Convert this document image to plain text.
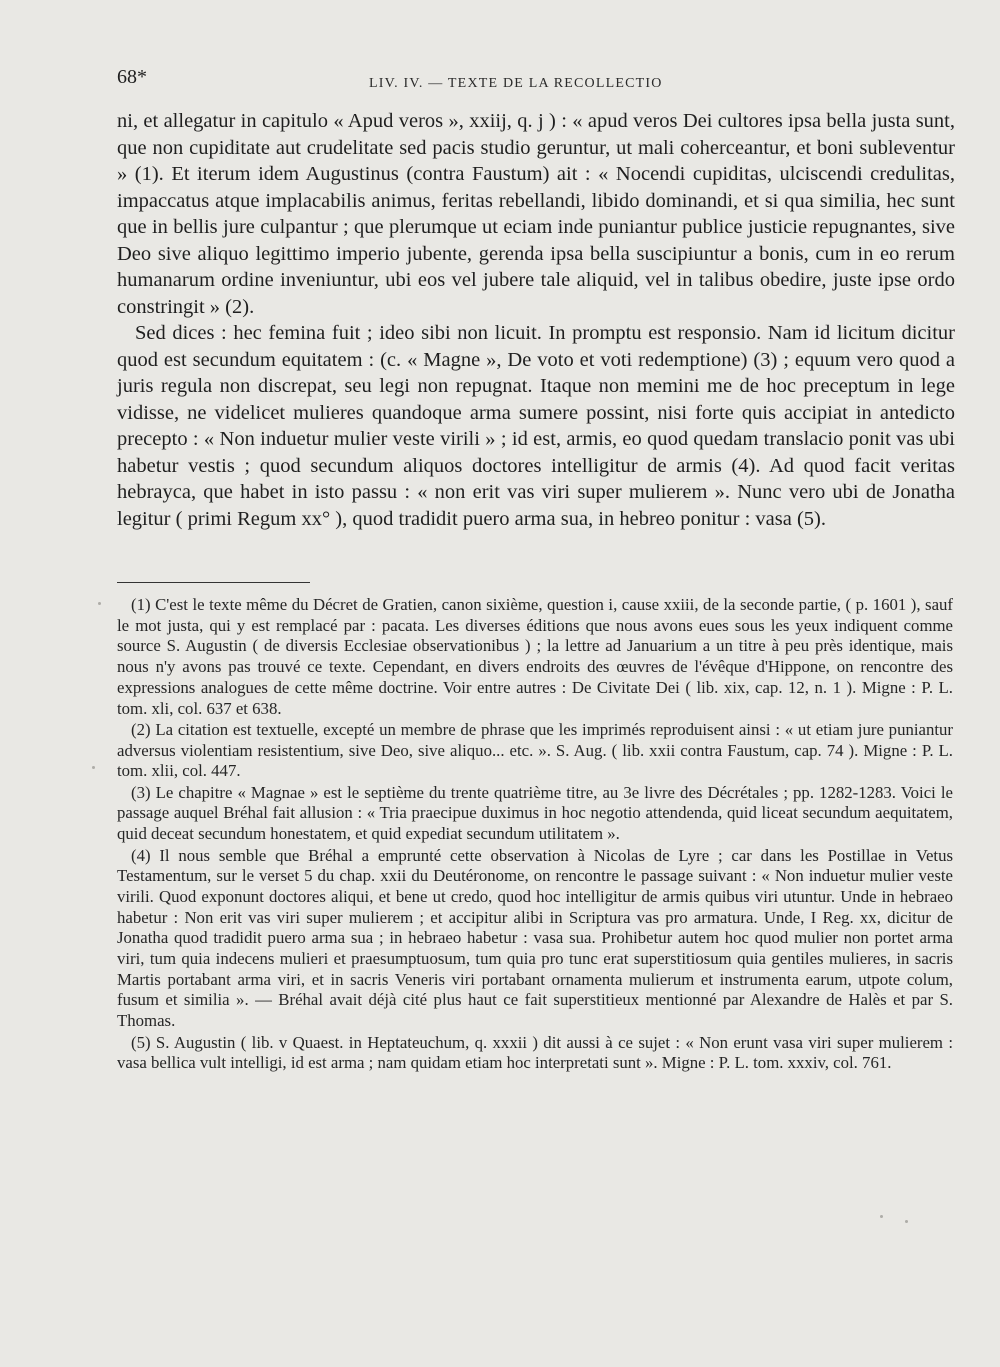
68*	LIV. IV. — TEXTE DE LA RECOLLECTIO

ni, et allegatur in capitulo « Apud veros », xxiij, q. j ) : « apud veros Dei cultores ipsa bella justa sunt, que non cupiditate aut crudelitate sed pacis studio geruntur, ut mali coherceantur, et boni subleventur » (1). Et iterum idem Augustinus (contra Faustum) ait : « Nocendi cupiditas, ulciscendi credulitas, impaccatus atque implacabilis animus, feritas rebellandi, libido dominandi, et si qua similia, hec sunt que in bellis jure culpantur ; que plerumque ut eciam inde puniantur publice justicie repugnantes, sive Deo sive aliquo legittimo imperio jubente, gerenda ipsa bella suscipiuntur a bonis, cum in eo rerum humanarum ordine inveniuntur, ubi eos vel jubere tale aliquid, vel in talibus obedire, juste ipse ordo constringit » (2).

Sed dices : hec femina fuit ; ideo sibi non licuit. In promptu est responsio. Nam id licitum dicitur quod est secundum equitatem : (c. « Magne », De voto et voti redemptione) (3) ; equum vero quod a juris regula non discrepat, seu legi non repugnat. Itaque non memini me de hoc preceptum in lege vidisse, ne videlicet mulieres quandoque arma sumere possint, nisi forte quis accipiat in antedicto precepto : « Non induetur mulier veste virili » ; id est, armis, eo quod quedam translacio ponit vas ubi habetur vestis ; quod secundum aliquos doctores intelligitur de armis (4). Ad quod facit veritas hebrayca, que habet in isto passu : « non erit vas viri super mulierem ». Nunc vero ubi de Jonatha legitur ( primi Regum xx° ), quod tradidit puero arma sua, in hebreo ponitur : vasa (5).

(1) C'est le texte même du Décret de Gratien, canon sixième, question i, cause xxiii, de la seconde partie, ( p. 1601 ), sauf le mot justa, qui y est remplacé par : pacata. Les diverses éditions que nous avons eues sous les yeux indiquent comme source S. Augustin ( de diversis Ecclesiae observationibus ) ; la lettre ad Januarium a un titre à peu près identique, mais nous n'y avons pas trouvé ce texte. Cependant, en divers endroits des œuvres de l'évêque d'Hippone, on rencontre des expressions analogues de cette même doctrine. Voir entre autres : De Civitate Dei ( lib. xix, cap. 12, n. 1 ). Migne : P. L. tom. xli, col. 637 et 638.

(2) La citation est textuelle, excepté un membre de phrase que les imprimés reproduisent ainsi : « ut etiam jure puniantur adversus violentiam resistentium, sive Deo, sive aliquo... etc. ». S. Aug. ( lib. xxii contra Faustum, cap. 74 ). Migne : P. L. tom. xlii, col. 447.

(3) Le chapitre « Magnae » est le septième du trente quatrième titre, au 3e livre des Décrétales ; pp. 1282-1283. Voici le passage auquel Bréhal fait allusion : « Tria praecipue duximus in hoc negotio attendenda, quid liceat secundum aequitatem, quid deceat secundum honestatem, et quid expediat secundum utilitatem ».

(4) Il nous semble que Bréhal a emprunté cette observation à Nicolas de Lyre ; car dans les Postillae in Vetus Testamentum, sur le verset 5 du chap. xxii du Deutéronome, on rencontre le passage suivant : « Non induetur mulier veste virili. Quod exponunt doctores aliqui, et bene ut credo, quod hoc intelligitur de armis quibus viri utuntur. Unde in hebraeo habetur : Non erit vas viri super mulierem ; et accipitur alibi in Scriptura vas pro armatura. Unde, I Reg. xx, dicitur de Jonatha quod tradidit puero arma sua ; in hebraeo habetur : vasa sua. Prohibetur autem hoc quod mulier non portet arma viri, tum quia indecens mulieri et praesumptuosum, tum quia pro tunc erat superstitiosum quia gentiles mulieres, in sacris Martis portabant arma viri, et in sacris Veneris viri portabant ornamenta mulierum et instrumenta earum, utpote colum, fusum et similia ». — Bréhal avait déjà cité plus haut ce fait superstitieux mentionné par Alexandre de Halès et par S. Thomas.

(5) S. Augustin ( lib. v Quaest. in Heptateuchum, q. xxxii ) dit aussi à ce sujet : « Non erunt vasa viri super mulierem : vasa bellica vult intelligi, id est arma ; nam quidam etiam hoc interpretati sunt ». Migne : P. L. tom. xxxiv, col. 761.
